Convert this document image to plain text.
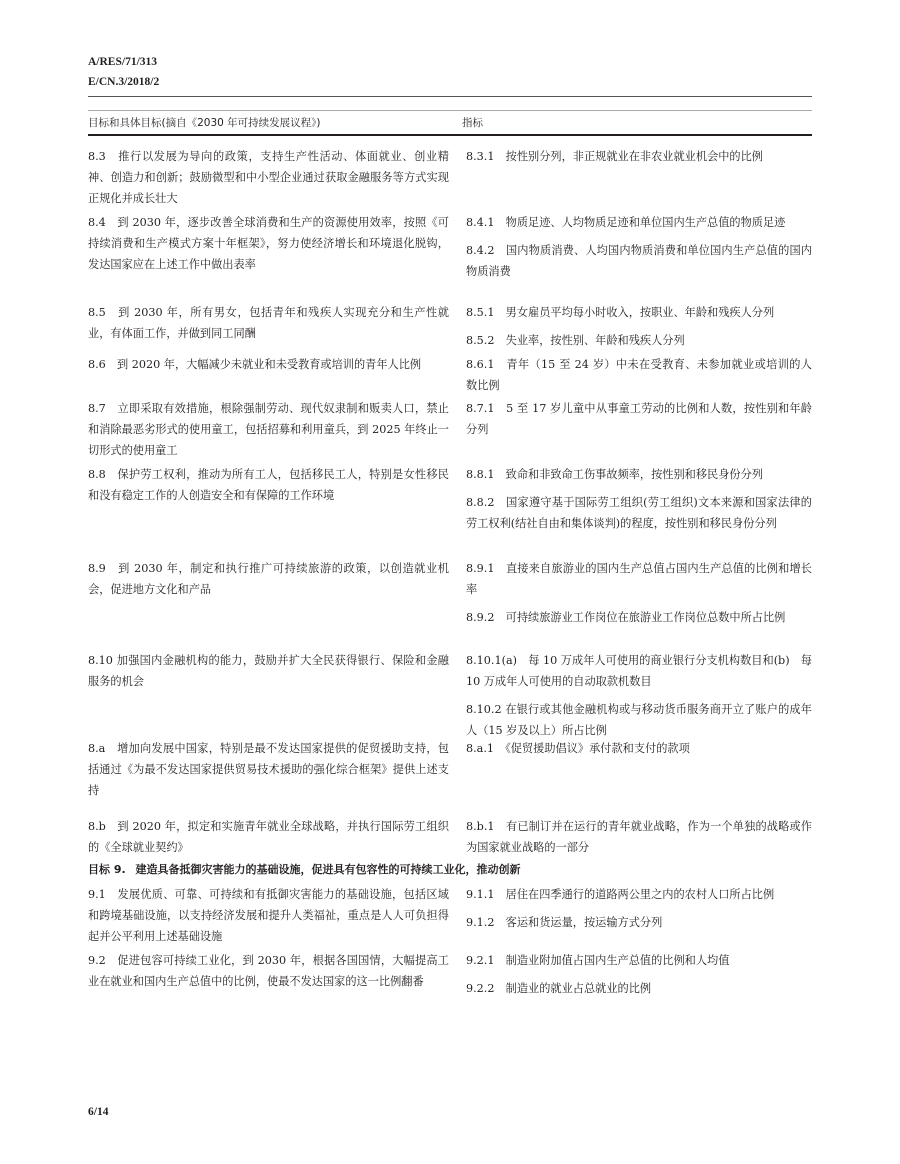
A/RES/71/313
E/CN.3/2018/2
目标和具体目标(摘自《2030 年可持续发展议程》)	指标
8.3　推行以发展为导向的政策，支持生产性活动、体面就业、创业精神、创造力和创新；鼓励微型和中小型企业通过获取金融服务等方式实现正规化并成长壮大
8.3.1　按性别分列，非正规就业在非农业就业机会中的比例
8.4　到 2030 年，逐步改善全球消费和生产的资源使用效率，按照《可持续消费和生产模式方案十年框架》，努力使经济增长和环境退化脱钩，发达国家应在上述工作中做出表率
8.4.1　物质足迹、人均物质足迹和单位国内生产总值的物质足迹
8.4.2　国内物质消费、人均国内物质消费和单位国内生产总值的国内物质消费
8.5　到 2030 年，所有男女，包括青年和残疾人实现充分和生产性就业，有体面工作，并做到同工同酬
8.5.1　男女雇员平均每小时收入，按职业、年龄和残疾人分列
8.5.2　失业率，按性别、年龄和残疾人分列
8.6　到 2020 年，大幅减少未就业和未受教育或培训的青年人比例	8.6.1　青年（15 至 24 岁）中未在受教育、未参加就业或培训的人数比例
8.7　立即采取有效措施，根除强制劳动、现代奴隶制和贩卖人口，禁止和消除最恶劣形式的使用童工，包括招募和利用童兵，到 2025 年终止一切形式的使用童工
8.7.1　5 至 17 岁儿童中从事童工劳动的比例和人数，按性别和年龄分列
8.8　保护劳工权利，推动为所有工人，包括移民工人，特别是女性移民和没有稳定工作的人创造安全和有保障的工作环境
8.8.1　致命和非致命工伤事故频率，按性别和移民身份分列
8.8.2　国家遵守基于国际劳工组织(劳工组织)文本来源和国家法律的劳工权利(结社自由和集体谈判)的程度，按性别和移民身份分列
8.9　到 2030 年，制定和执行推广可持续旅游的政策，以创造就业机会，促进地方文化和产品
8.9.1　直接来自旅游业的国内生产总值占国内生产总值的比例和增长率
8.9.2　可持续旅游业工作岗位在旅游业工作岗位总数中所占比例
8.10 加强国内金融机构的能力，鼓励并扩大全民获得银行、保险和金融服务的机会
8.10.1(a)　每 10 万成年人可使用的商业银行分支机构数目和(b)　每 10 万成年人可使用的自动取款机数目
8.10.2 在银行或其他金融机构或与移动货币服务商开立了账户的成年人（15 岁及以上）所占比例
8.a　增加向发展中国家，特别是最不发达国家提供的促贸援助支持，包括通过《为最不发达国家提供贸易技术援助的强化综合框架》提供上述支持
8.a.1　《促贸援助倡议》承付款和支付的款项
8.b　到 2020 年，拟定和实施青年就业全球战略，并执行国际劳工组织的《全球就业契约》
8.b.1　有已制订并在运行的青年就业战略，作为一个单独的战略或作为国家就业战略的一部分
目标 9. 建造具备抵御灾害能力的基础设施，促进具有包容性的可持续工业化，推动创新
9.1　发展优质、可靠、可持续和有抵御灾害能力的基础设施，包括区域和跨境基础设施，以支持经济发展和提升人类福祉，重点是人人可负担得起并公平利用上述基础设施
9.1.1　居住在四季通行的道路两公里之内的农村人口所占比例
9.1.2　客运和货运量，按运输方式分列
9.2　促进包容可持续工业化，到 2030 年，根据各国国情，大幅提高工业在就业和国内生产总值中的比例，使最不发达国家的这一比例翻番
9.2.1　制造业附加值占国内生产总值的比例和人均值
9.2.2　制造业的就业占总就业的比例
6/14
